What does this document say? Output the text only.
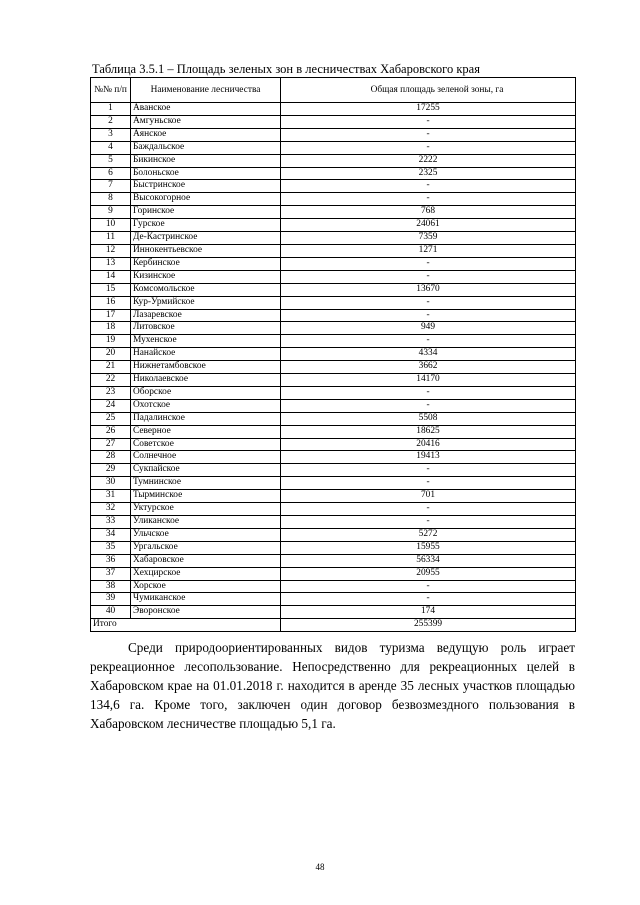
Таблица 3.5.1 – Площадь зеленых зон в лесничествах Хабаровского края
№№ п/п	Наименование лесничества	Общая площадь зеленой зоны, га
1	Аванское	17255
2	Амгуньское	-
3	Аянское	-
4	Баждальское	-
5	Бикинское	2222
6	Болоньское	2325
7	Быстринское	-
8	Высокогорное	-
9	Горинское	768
10	Гурское	24061
11	Де-Кастринское	7359
12	Иннокентьевское	1271
13	Кербинское	-
14	Кизинское	-
15	Комсомольское	13670
16	Кур-Урмийское	-
17	Лазаревское	-
18	Литовское	949
19	Мухенское	-
20	Нанайское	4334
21	Нижнетамбовское	3662
22	Николаевское	14170
23	Оборское	-
24	Охотское	-
25	Падалинское	5508
26	Северное	18625
27	Советское	20416
28	Солнечное	19413
29	Сукпайское	-
30	Тумнинское	-
31	Тырминское	701
32	Уктурское	-
33	Уликанское	-
34	Ульчское	5272
35	Ургальское	15955
36	Хабаровское	56334
37	Хехцирское	20955
38	Хорское	-
39	Чумиканское	-
40	Эворонское	174
Итого		255399

Среди природоориентированных видов туризма ведущую роль играет рекреационное лесопользование. Непосредственно для рекреационных целей в Хабаровском крае на 01.01.2018 г. находится в аренде 35 лесных участков площадью 134,6 га. Кроме того, заключен один договор безвозмездного пользования в Хабаровском лесничестве площадью 5,1 га.

48
